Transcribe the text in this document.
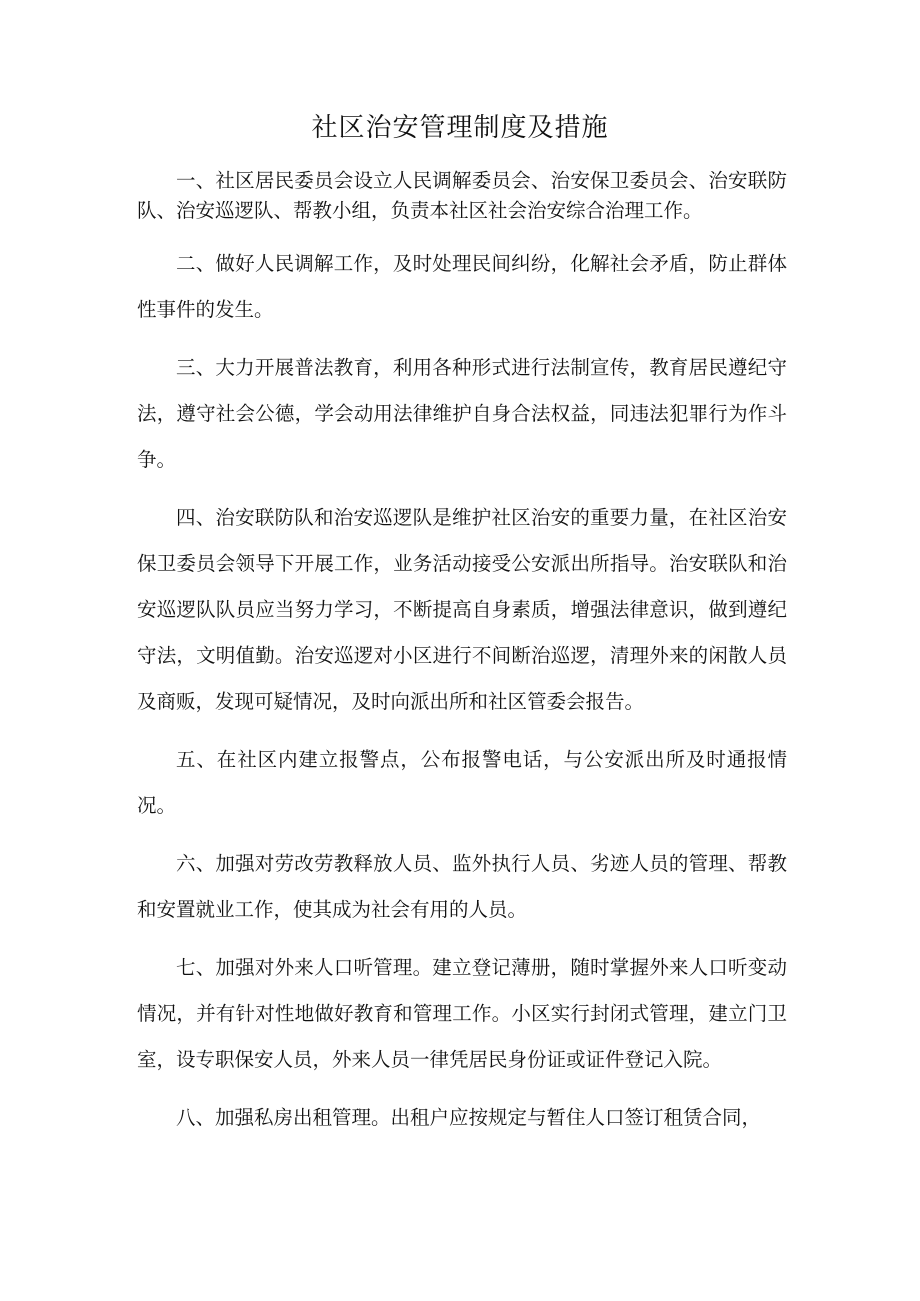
社区治安管理制度及措施

一、社区居民委员会设立人民调解委员会、治安保卫委员会、治安联防队、治安巡逻队、帮教小组，负责本社区社会治安综合治理工作。

二、做好人民调解工作，及时处理民间纠纷，化解社会矛盾，防止群体性事件的发生。

三、大力开展普法教育，利用各种形式进行法制宣传，教育居民遵纪守法，遵守社会公德，学会动用法律维护自身合法权益，同违法犯罪行为作斗争。

四、治安联防队和治安巡逻队是维护社区治安的重要力量，在社区治安保卫委员会领导下开展工作，业务活动接受公安派出所指导。治安联队和治安巡逻队队员应当努力学习，不断提高自身素质，增强法律意识，做到遵纪守法，文明值勤。治安巡逻对小区进行不间断治巡逻，清理外来的闲散人员及商贩，发现可疑情况，及时向派出所和社区管委会报告。

五、在社区内建立报警点，公布报警电话，与公安派出所及时通报情况。

六、加强对劳改劳教释放人员、监外执行人员、劣迹人员的管理、帮教和安置就业工作，使其成为社会有用的人员。

七、加强对外来人口听管理。建立登记薄册，随时掌握外来人口听变动情况，并有针对性地做好教育和管理工作。小区实行封闭式管理，建立门卫室，设专职保安人员，外来人员一律凭居民身份证或证件登记入院。

八、加强私房出租管理。出租户应按规定与暂住人口签订租赁合同，
